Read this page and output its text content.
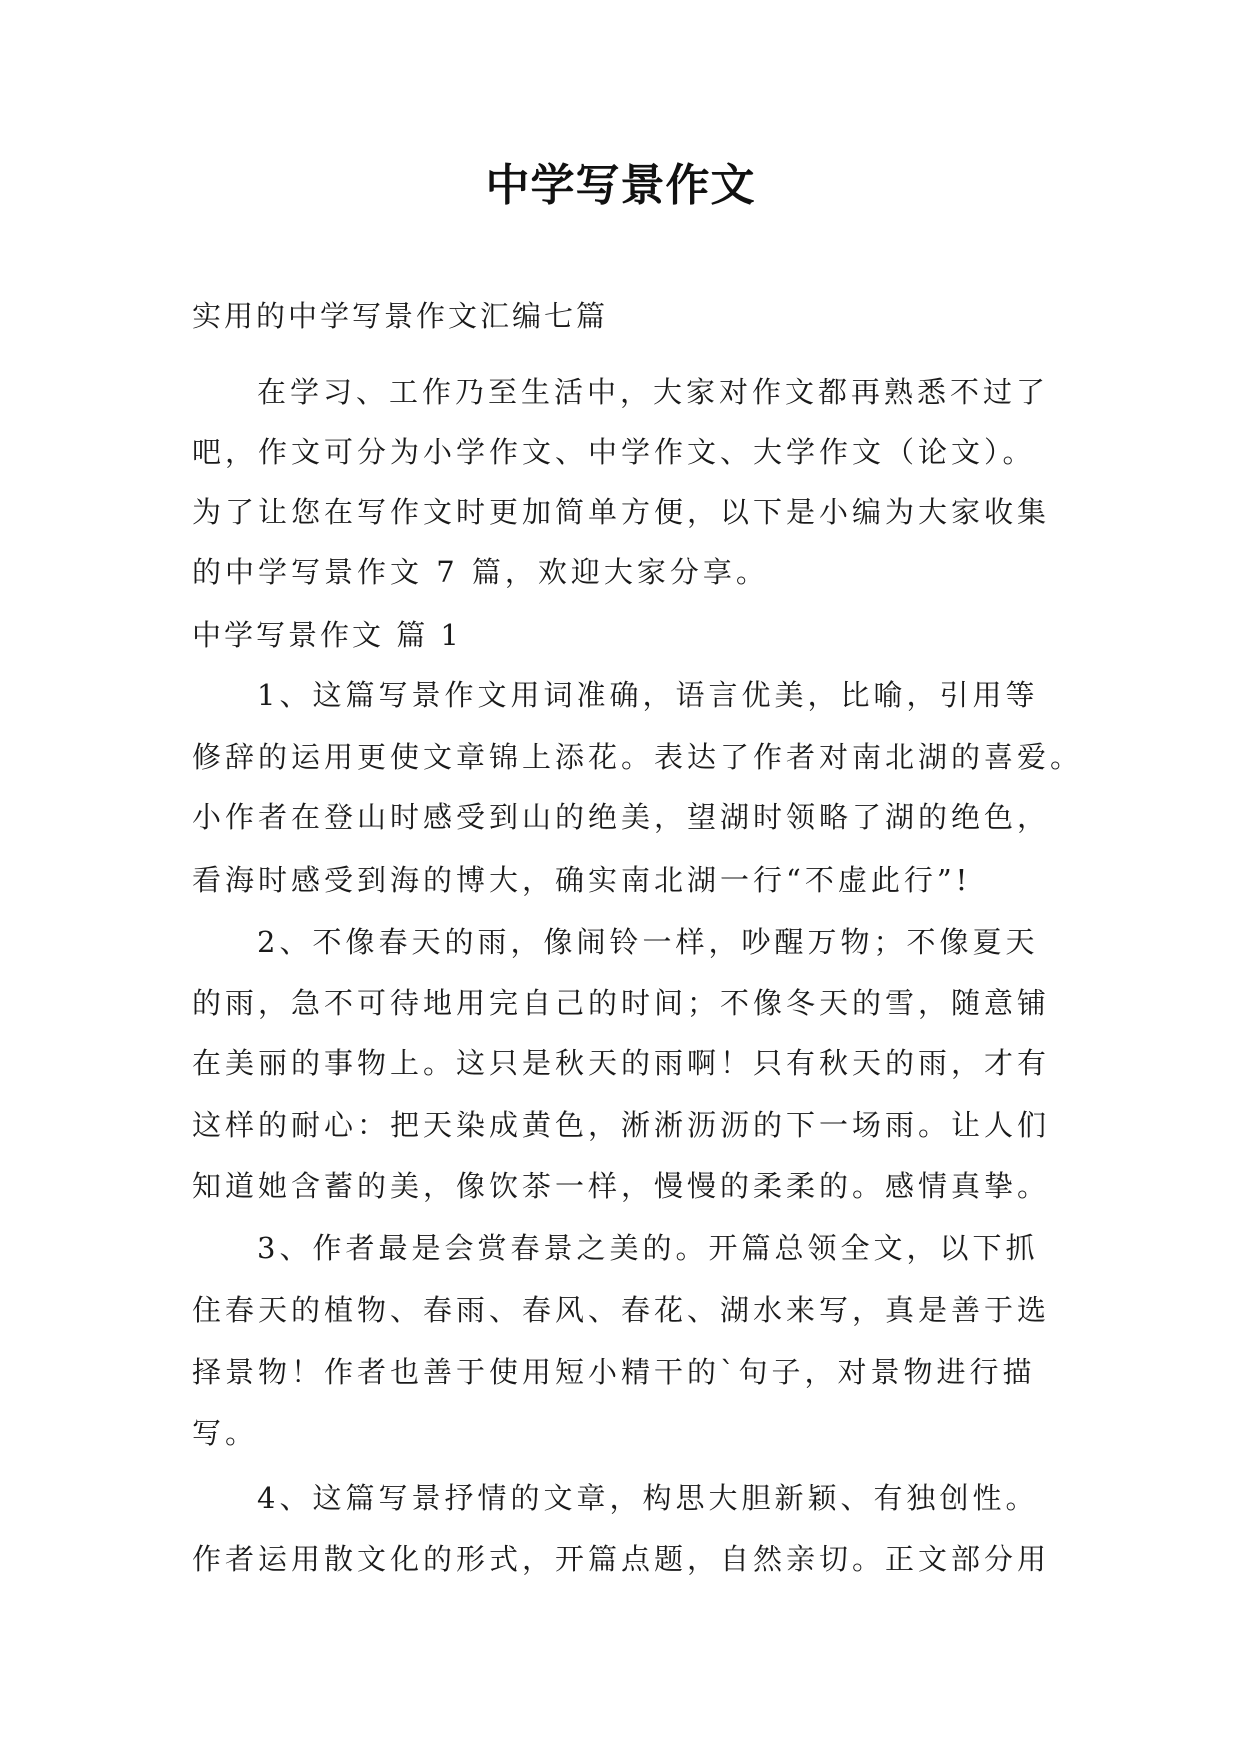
中学写景作文
实用的中学写景作文汇编七篇
在学习、工作乃至生活中，大家对作文都再熟悉不过了
吧，作文可分为小学作文、中学作文、大学作文（论文）。
为了让您在写作文时更加简单方便，以下是小编为大家收集
的中学写景作文 7 篇，欢迎大家分享。
中学写景作文 篇 1
1、这篇写景作文用词准确，语言优美，比喻，引用等
修辞的运用更使文章锦上添花。表达了作者对南北湖的喜爱。
小作者在登山时感受到山的绝美，望湖时领略了湖的绝色，
看海时感受到海的博大，确实南北湖一行“不虚此行”!
2、不像春天的雨，像闹铃一样，吵醒万物；不像夏天
的雨，急不可待地用完自己的时间；不像冬天的雪，随意铺
在美丽的事物上。这只是秋天的雨啊！只有秋天的雨，才有
这样的耐心：把天染成黄色，淅淅沥沥的下一场雨。让人们
知道她含蓄的美，像饮茶一样，慢慢的柔柔的。感情真挚。
3、作者最是会赏春景之美的。开篇总领全文，以下抓
住春天的植物、春雨、春风、春花、湖水来写，真是善于选
择景物！作者也善于使用短小精干的`句子，对景物进行描
写。
4、这篇写景抒情的文章，构思大胆新颖、有独创性。
作者运用散文化的形式，开篇点题，自然亲切。正文部分用
